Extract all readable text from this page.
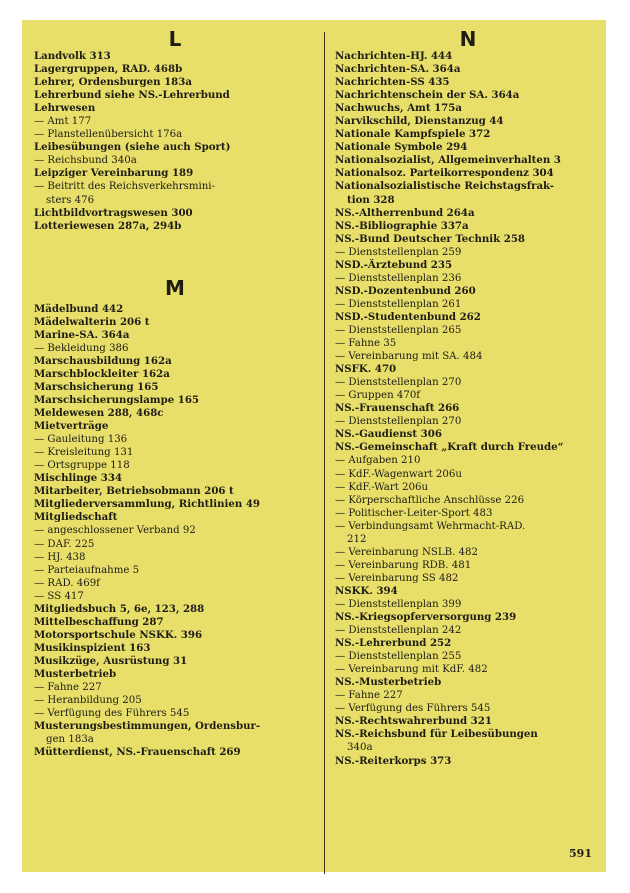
L
Landvolk 313
Lagergruppen, RAD. 468b
Lehrer, Ordensburgen 183a
Lehrerbund siehe NS.-Lehrerbund
Lehrwesen
— Amt 177
— Planstellenübersicht 176a
Leibesübungen (siehe auch Sport)
— Reichsbund 340a
Leipziger Vereinbarung 189
— Beitritt des Reichsverkehrsmini-
sters 476
Lichtbildvortragswesen 300
Lotteriewesen 287a, 294b
M
Mädelbund 442
Mädelwalterin 206 t
Marine-SA. 364a
— Bekleidung 386
Marschausbildung 162a
Marschblockleiter 162a
Marschsicherung 165
Marschsicherungslampe 165
Meldewesen 288, 468c
Mietverträge
— Gauleitung 136
— Kreisleitung 131
— Ortsgruppe 118
Mischlinge 334
Mitarbeiter, Betriebsobmann 206 t
Mitgliederversammlung, Richtlinien 49
Mitgliedschaft
— angeschlossener Verband 92
— DAF. 225
— HJ. 438
— Parteiaufnahme 5
— RAD. 469f
— SS 417
Mitgliedsbuch 5, 6e, 123, 288
Mittelbeschaffung 287
Motorsportschule NSKK. 396
Musikinspizient 163
Musikzüge, Ausrüstung 31
Musterbetrieb
— Fahne 227
— Heranbildung 205
— Verfügung des Führers 545
Musterungsbestimmungen, Ordensbur-
gen 183a
Mütterdienst, NS.-Frauenschaft 269
N
Nachrichten-HJ. 444
Nachrichten-SA. 364a
Nachrichten-SS 435
Nachrichtenschein der SA. 364a
Nachwuchs, Amt 175a
Narvikschild, Dienstanzug 44
Nationale Kampfspiele 372
Nationale Symbole 294
Nationalsozialist, Allgemeinverhalten 3
Nationalsoz. Parteikorrespondenz 304
Nationalsozialistische Reichstagsfrak-
tion 328
NS.-Altherrenbund 264a
NS.-Bibliographie 337a
NS.-Bund Deutscher Technik 258
— Dienststellenplan 259
NSD.-Ärztebund 235
— Dienststellenplan 236
NSD.-Dozentenbund 260
— Dienststellenplan 261
NSD.-Studentenbund 262
— Dienststellenplan 265
— Fahne 35
— Vereinbarung mit SA. 484
NSFK. 470
— Dienststellenplan 270
— Gruppen 470f
NS.-Frauenschaft 266
— Dienststellenplan 270
NS.-Gaudienst 306
NS.-Gemeinschaft „Kraft durch Freude“
— Aufgaben 210
— KdF.-Wagenwart 206u
— KdF.-Wart 206u
— Körperschaftliche Anschlüsse 226
— Politischer-Leiter-Sport 483
— Verbindungsamt Wehrmacht-RAD.
212
— Vereinbarung NSLB. 482
— Vereinbarung RDB. 481
— Vereinbarung SS 482
NSKK. 394
— Dienststellenplan 399
NS.-Kriegsopferversorgung 239
— Dienststellenplan 242
NS.-Lehrerbund 252
— Dienststellenplan 255
— Vereinbarung mit KdF. 482
NS.-Musterbetrieb
— Fahne 227
— Verfügung des Führers 545
NS.-Rechtswahrerbund 321
NS.-Reichsbund für Leibesübungen
340a
NS.-Reiterkorps 373
591
